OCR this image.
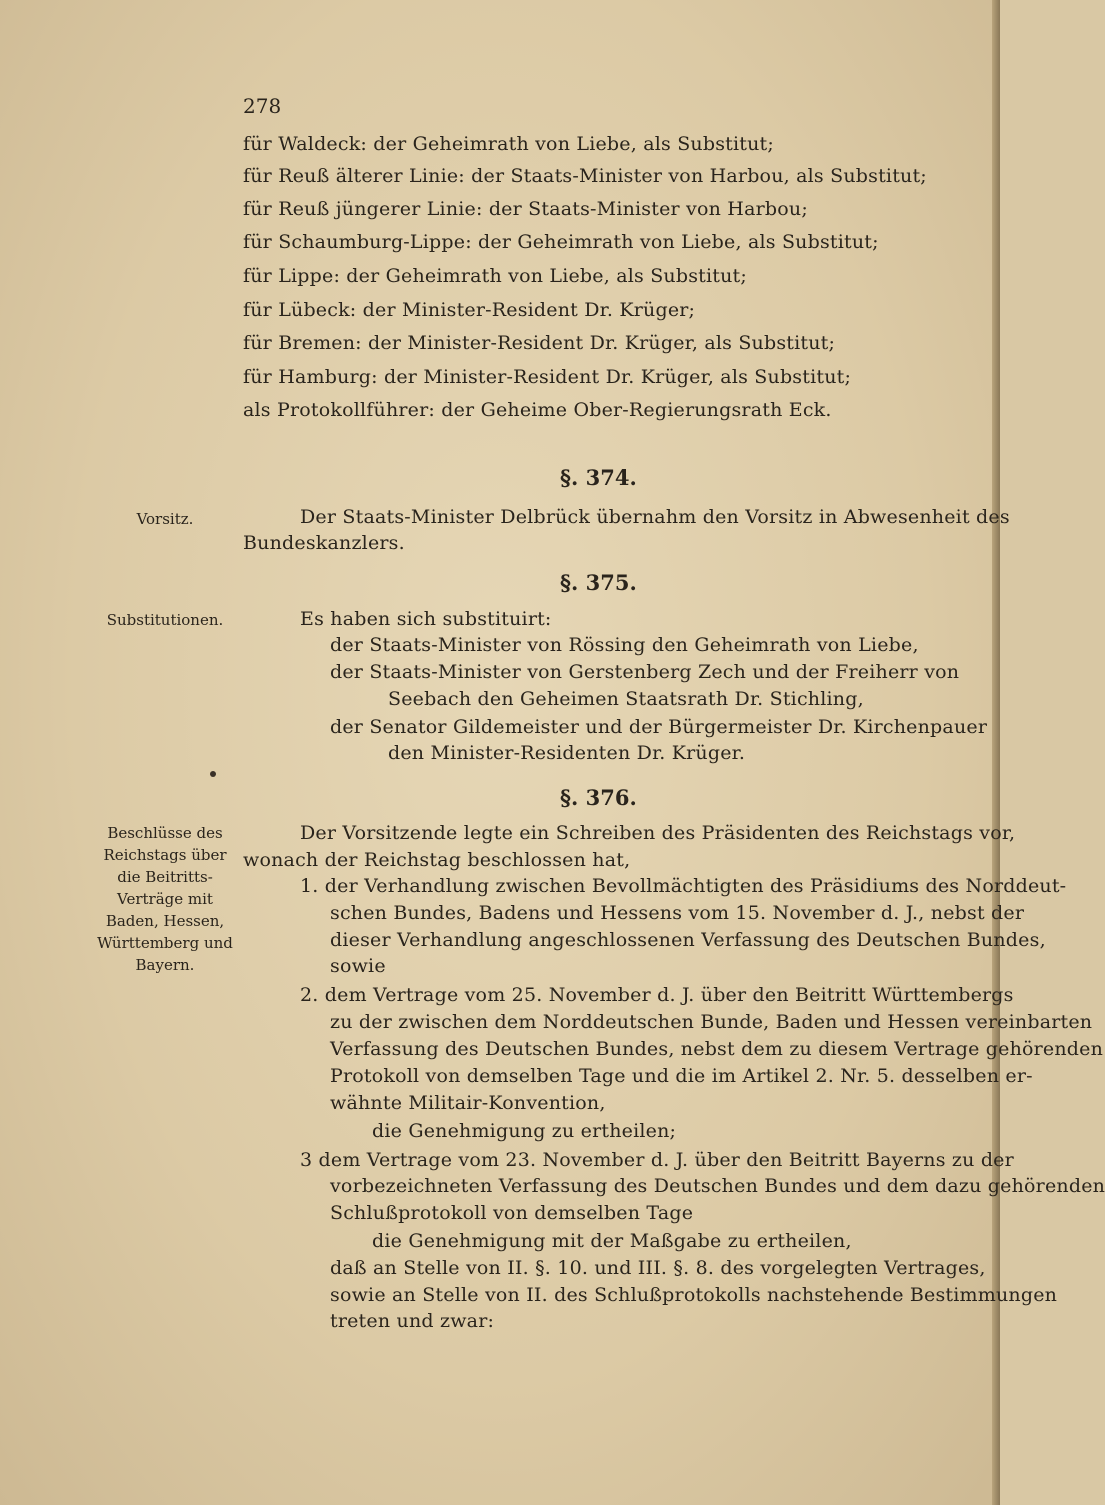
278
für Waldeck: der Geheimrath von Liebe, als Substitut;
für Reuß älterer Linie: der Staats-Minister von Harbou, als Substitut;
für Reuß jüngerer Linie: der Staats-Minister von Harbou;
für Schaumburg-Lippe: der Geheimrath von Liebe, als Substitut;
für Lippe: der Geheimrath von Liebe, als Substitut;
für Lübeck: der Minister-Resident Dr. Krüger;
für Bremen: der Minister-Resident Dr. Krüger, als Substitut;
für Hamburg: der Minister-Resident Dr. Krüger, als Substitut;
als Protokollführer: der Geheime Ober-Regierungsrath Eck.
§. 374.
Vorsitz.	Der Staats-Minister Delbrück übernahm den Vorsitz in Abwesenheit des
Bundeskanzlers.
§. 375.
Substitutionen.	Es haben sich substituirt:
der Staats-Minister von Rössing den Geheimrath von Liebe,
der Staats-Minister von Gerstenberg Zech und der Freiherr von
Seebach den Geheimen Staatsrath Dr. Stichling,
der Senator Gildemeister und der Bürgermeister Dr. Kirchenpauer
den Minister-Residenten Dr. Krüger.
§. 376.
Beschlüsse des
Reichstags über
die Beitritts-
Verträge mit
Baden, Hessen,
Württemberg und
Bayern.
Der Vorsitzende legte ein Schreiben des Präsidenten des Reichstags vor,
wonach der Reichstag beschlossen hat,
1. der Verhandlung zwischen Bevollmächtigten des Präsidiums des Norddeut-
schen Bundes, Badens und Hessens vom 15. November d. J., nebst der
dieser Verhandlung angeschlossenen Verfassung des Deutschen Bundes,
sowie
2. dem Vertrage vom 25. November d. J. über den Beitritt Württembergs
zu der zwischen dem Norddeutschen Bunde, Baden und Hessen vereinbarten
Verfassung des Deutschen Bundes, nebst dem zu diesem Vertrage gehörenden
Protokoll von demselben Tage und die im Artikel 2. Nr. 5. desselben er-
wähnte Militair-Konvention,
die Genehmigung zu ertheilen;
3 dem Vertrage vom 23. November d. J. über den Beitritt Bayerns zu der
vorbezeichneten Verfassung des Deutschen Bundes und dem dazu gehörenden
Schlußprotokoll von demselben Tage
die Genehmigung mit der Maßgabe zu ertheilen,
daß an Stelle von II. §. 10. und III. §. 8. des vorgelegten Vertrages,
sowie an Stelle von II. des Schlußprotokolls nachstehende Bestimmungen
treten und zwar:
